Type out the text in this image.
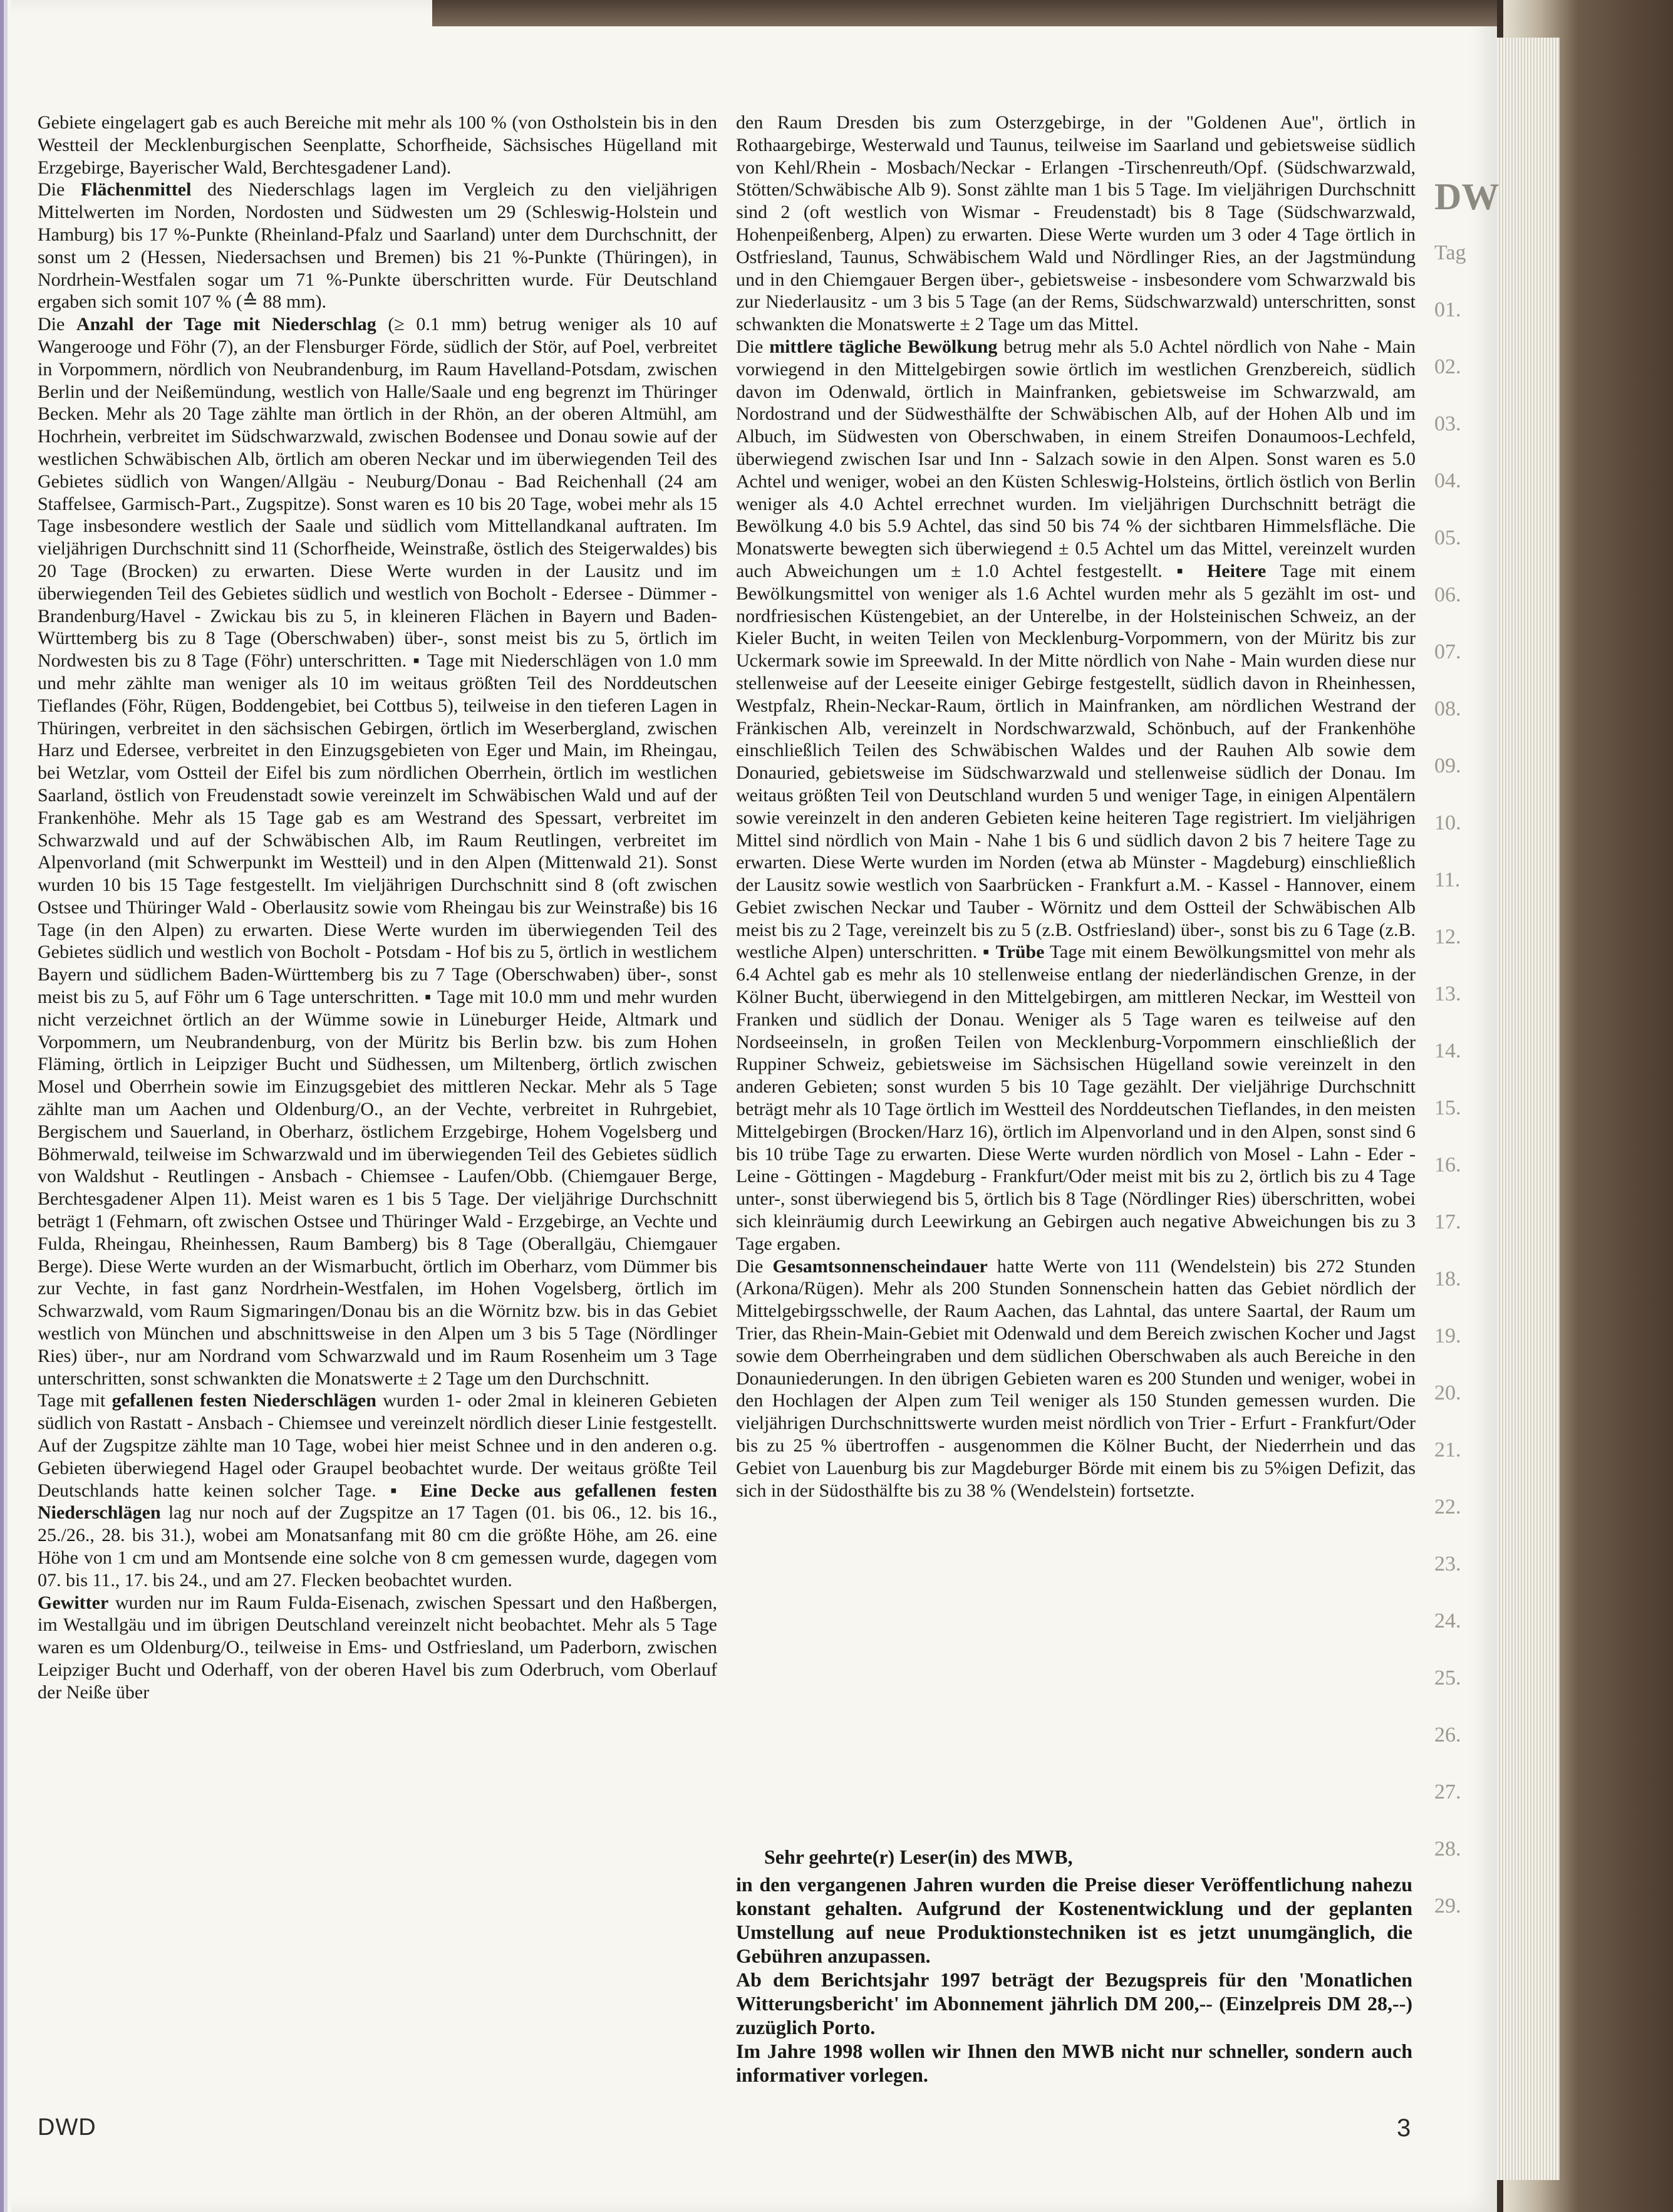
Gebiete eingelagert gab es auch Bereiche mit mehr als 100 % (von Ostholstein bis in den Westteil der Mecklenburgischen Seenplatte, Schorfheide, Sächsisches Hügelland mit Erzgebirge, Bayerischer Wald, Berchtesgadener Land).

Die Flächenmittel des Niederschlags lagen im Vergleich zu den vieljährigen Mittelwerten im Norden, Nordosten und Südwesten um 29 (Schleswig-Holstein und Hamburg) bis 17 %-Punkte (Rheinland-Pfalz und Saarland) unter dem Durchschnitt, der sonst um 2 (Hessen, Niedersachsen und Bremen) bis 21 %-Punkte (Thüringen), in Nordrhein-Westfalen sogar um 71 %-Punkte überschritten wurde. Für Deutschland ergaben sich somit 107 % (≙ 88 mm).

Die Anzahl der Tage mit Niederschlag (≥ 0.1 mm) betrug weniger als 10 auf Wangerooge und Föhr (7), an der Flensburger Förde, südlich der Stör, auf Poel, verbreitet in Vorpommern, nördlich von Neubrandenburg, im Raum Havelland-Potsdam, zwischen Berlin und der Neißemündung, westlich von Halle/Saale und eng begrenzt im Thüringer Becken. Mehr als 20 Tage zählte man örtlich in der Rhön, an der oberen Altmühl, am Hochrhein, verbreitet im Südschwarzwald, zwischen Bodensee und Donau sowie auf der westlichen Schwäbischen Alb, örtlich am oberen Neckar und im überwiegenden Teil des Gebietes südlich von Wangen/Allgäu - Neuburg/Donau - Bad Reichenhall (24 am Staffelsee, Garmisch-Part., Zugspitze). Sonst waren es 10 bis 20 Tage, wobei mehr als 15 Tage insbesondere westlich der Saale und südlich vom Mittellandkanal auftraten. Im vieljährigen Durchschnitt sind 11 (Schorfheide, Weinstraße, östlich des Steigerwaldes) bis 20 Tage (Brocken) zu erwarten. Diese Werte wurden in der Lausitz und im überwiegenden Teil des Gebietes südlich und westlich von Bocholt - Edersee - Dümmer - Brandenburg/Havel - Zwickau bis zu 5, in kleineren Flächen in Bayern und Baden-Württemberg bis zu 8 Tage (Oberschwaben) über-, sonst meist bis zu 5, örtlich im Nordwesten bis zu 8 Tage (Föhr) unterschritten. ▪ Tage mit Niederschlägen von 1.0 mm und mehr zählte man weniger als 10 im weitaus größten Teil des Norddeutschen Tieflandes (Föhr, Rügen, Boddengebiet, bei Cottbus 5), teilweise in den tieferen Lagen in Thüringen, verbreitet in den sächsischen Gebirgen, örtlich im Weserbergland, zwischen Harz und Edersee, verbreitet in den Einzugsgebieten von Eger und Main, im Rheingau, bei Wetzlar, vom Ostteil der Eifel bis zum nördlichen Oberrhein, örtlich im westlichen Saarland, östlich von Freudenstadt sowie vereinzelt im Schwäbischen Wald und auf der Frankenhöhe. Mehr als 15 Tage gab es am Westrand des Spessart, verbreitet im Schwarzwald und auf der Schwäbischen Alb, im Raum Reutlingen, verbreitet im Alpenvorland (mit Schwerpunkt im Westteil) und in den Alpen (Mittenwald 21). Sonst wurden 10 bis 15 Tage festgestellt. Im vieljährigen Durchschnitt sind 8 (oft zwischen Ostsee und Thüringer Wald - Oberlausitz sowie vom Rheingau bis zur Weinstraße) bis 16 Tage (in den Alpen) zu erwarten. Diese Werte wurden im überwiegenden Teil des Gebietes südlich und westlich von Bocholt - Potsdam - Hof bis zu 5, örtlich in westlichem Bayern und südlichem Baden-Württemberg bis zu 7 Tage (Oberschwaben) über-, sonst meist bis zu 5, auf Föhr um 6 Tage unterschritten. ▪ Tage mit 10.0 mm und mehr wurden nicht verzeichnet örtlich an der Wümme sowie in Lüneburger Heide, Altmark und Vorpommern, um Neubrandenburg, von der Müritz bis Berlin bzw. bis zum Hohen Fläming, örtlich in Leipziger Bucht und Südhessen, um Miltenberg, örtlich zwischen Mosel und Oberrhein sowie im Einzugsgebiet des mittleren Neckar. Mehr als 5 Tage zählte man um Aachen und Oldenburg/O., an der Vechte, verbreitet in Ruhrgebiet, Bergischem und Sauerland, in Oberharz, östlichem Erzgebirge, Hohem Vogelsberg und Böhmerwald, teilweise im Schwarzwald und im überwiegenden Teil des Gebietes südlich von Waldshut - Reutlingen - Ansbach - Chiemsee - Laufen/Obb. (Chiemgauer Berge, Berchtesgadener Alpen 11). Meist waren es 1 bis 5 Tage. Der vieljährige Durchschnitt beträgt 1 (Fehmarn, oft zwischen Ostsee und Thüringer Wald - Erzgebirge, an Vechte und Fulda, Rheingau, Rheinhessen, Raum Bamberg) bis 8 Tage (Oberallgäu, Chiemgauer Berge). Diese Werte wurden an der Wismarbucht, örtlich im Oberharz, vom Dümmer bis zur Vechte, in fast ganz Nordrhein-Westfalen, im Hohen Vogelsberg, örtlich im Schwarzwald, vom Raum Sigmaringen/Donau bis an die Wörnitz bzw. bis in das Gebiet westlich von München und abschnittsweise in den Alpen um 3 bis 5 Tage (Nördlinger Ries) über-, nur am Nordrand vom Schwarzwald und im Raum Rosenheim um 3 Tage unterschritten, sonst schwankten die Monatswerte ± 2 Tage um den Durchschnitt.

Tage mit gefallenen festen Niederschlägen wurden 1- oder 2mal in kleineren Gebieten südlich von Rastatt - Ansbach - Chiemsee und vereinzelt nördlich dieser Linie festgestellt. Auf der Zugspitze zählte man 10 Tage, wobei hier meist Schnee und in den anderen o.g. Gebieten überwiegend Hagel oder Graupel beobachtet wurde. Der weitaus größte Teil Deutschlands hatte keinen solcher Tage. ▪ Eine Decke aus gefallenen festen Niederschlägen lag nur noch auf der Zugspitze an 17 Tagen (01. bis 06., 12. bis 16., 25./26., 28. bis 31.), wobei am Monatsanfang mit 80 cm die größte Höhe, am 26. eine Höhe von 1 cm und am Montsende eine solche von 8 cm gemessen wurde, dagegen vom 07. bis 11., 17. bis 24., und am 27. Flecken beobachtet wurden.

Gewitter wurden nur im Raum Fulda-Eisenach, zwischen Spessart und den Haßbergen, im Westallgäu und im übrigen Deutschland vereinzelt nicht beobachtet. Mehr als 5 Tage waren es um Oldenburg/O., teilweise in Ems- und Ostfriesland, um Paderborn, zwischen Leipziger Bucht und Oderhaff, von der oberen Havel bis zum Oderbruch, vom Oberlauf der Neiße über

den Raum Dresden bis zum Osterzgebirge, in der "Goldenen Aue", örtlich in Rothaargebirge, Westerwald und Taunus, teilweise im Saarland und gebietsweise südlich von Kehl/Rhein - Mosbach/Neckar - Erlangen -Tirschenreuth/Opf. (Südschwarzwald, Stötten/Schwäbische Alb 9). Sonst zählte man 1 bis 5 Tage. Im vieljährigen Durchschnitt sind 2 (oft westlich von Wismar - Freudenstadt) bis 8 Tage (Südschwarzwald, Hohenpeißenberg, Alpen) zu erwarten. Diese Werte wurden um 3 oder 4 Tage örtlich in Ostfriesland, Taunus, Schwäbischem Wald und Nördlinger Ries, an der Jagstmündung und in den Chiemgauer Bergen über-, gebietsweise - insbesondere vom Schwarzwald bis zur Niederlausitz - um 3 bis 5 Tage (an der Rems, Südschwarzwald) unterschritten, sonst schwankten die Monatswerte ± 2 Tage um das Mittel.

Die mittlere tägliche Bewölkung betrug mehr als 5.0 Achtel nördlich von Nahe - Main vorwiegend in den Mittelgebirgen sowie örtlich im westlichen Grenzbereich, südlich davon im Odenwald, örtlich in Mainfranken, gebietsweise im Schwarzwald, am Nordostrand und der Südwesthälfte der Schwäbischen Alb, auf der Hohen Alb und im Albuch, im Südwesten von Oberschwaben, in einem Streifen Donaumoos-Lechfeld, überwiegend zwischen Isar und Inn - Salzach sowie in den Alpen. Sonst waren es 5.0 Achtel und weniger, wobei an den Küsten Schleswig-Holsteins, örtlich östlich von Berlin weniger als 4.0 Achtel errechnet wurden. Im vieljährigen Durchschnitt beträgt die Bewölkung 4.0 bis 5.9 Achtel, das sind 50 bis 74 % der sichtbaren Himmelsfläche. Die Monatswerte bewegten sich überwiegend ± 0.5 Achtel um das Mittel, vereinzelt wurden auch Abweichungen um ± 1.0 Achtel festgestellt. ▪ Heitere Tage mit einem Bewölkungsmittel von weniger als 1.6 Achtel wurden mehr als 5 gezählt im ost- und nordfriesischen Küstengebiet, an der Unterelbe, in der Holsteinischen Schweiz, an der Kieler Bucht, in weiten Teilen von Mecklenburg-Vorpommern, von der Müritz bis zur Uckermark sowie im Spreewald. In der Mitte nördlich von Nahe - Main wurden diese nur stellenweise auf der Leeseite einiger Gebirge festgestellt, südlich davon in Rheinhessen, Westpfalz, Rhein-Neckar-Raum, örtlich in Mainfranken, am nördlichen Westrand der Fränkischen Alb, vereinzelt in Nordschwarzwald, Schönbuch, auf der Frankenhöhe einschließlich Teilen des Schwäbischen Waldes und der Rauhen Alb sowie dem Donauried, gebietsweise im Südschwarzwald und stellenweise südlich der Donau. Im weitaus größten Teil von Deutschland wurden 5 und weniger Tage, in einigen Alpentälern sowie vereinzelt in den anderen Gebieten keine heiteren Tage registriert. Im vieljährigen Mittel sind nördlich von Main - Nahe 1 bis 6 und südlich davon 2 bis 7 heitere Tage zu erwarten. Diese Werte wurden im Norden (etwa ab Münster - Magdeburg) einschließlich der Lausitz sowie westlich von Saarbrücken - Frankfurt a.M. - Kassel - Hannover, einem Gebiet zwischen Neckar und Tauber - Wörnitz und dem Ostteil der Schwäbischen Alb meist bis zu 2 Tage, vereinzelt bis zu 5 (z.B. Ostfriesland) über-, sonst bis zu 6 Tage (z.B. westliche Alpen) unterschritten. ▪ Trübe Tage mit einem Bewölkungsmittel von mehr als 6.4 Achtel gab es mehr als 10 stellenweise entlang der niederländischen Grenze, in der Kölner Bucht, überwiegend in den Mittelgebirgen, am mittleren Neckar, im Westteil von Franken und südlich der Donau. Weniger als 5 Tage waren es teilweise auf den Nordseeinseln, in großen Teilen von Mecklenburg-Vorpommern einschließlich der Ruppiner Schweiz, gebietsweise im Sächsischen Hügelland sowie vereinzelt in den anderen Gebieten; sonst wurden 5 bis 10 Tage gezählt. Der vieljährige Durchschnitt beträgt mehr als 10 Tage örtlich im Westteil des Norddeutschen Tieflandes, in den meisten Mittelgebirgen (Brocken/Harz 16), örtlich im Alpenvorland und in den Alpen, sonst sind 6 bis 10 trübe Tage zu erwarten. Diese Werte wurden nördlich von Mosel - Lahn - Eder - Leine - Göttingen - Magdeburg - Frankfurt/Oder meist mit bis zu 2, örtlich bis zu 4 Tage unter-, sonst überwiegend bis 5, örtlich bis 8 Tage (Nördlinger Ries) überschritten, wobei sich kleinräumig durch Leewirkung an Gebirgen auch negative Abweichungen bis zu 3 Tage ergaben.

Die Gesamtsonnenscheindauer hatte Werte von 111 (Wendelstein) bis 272 Stunden (Arkona/Rügen). Mehr als 200 Stunden Sonnenschein hatten das Gebiet nördlich der Mittelgebirgsschwelle, der Raum Aachen, das Lahntal, das untere Saartal, der Raum um Trier, das Rhein-Main-Gebiet mit Odenwald und dem Bereich zwischen Kocher und Jagst sowie dem Oberrheingraben und dem südlichen Oberschwaben als auch Bereiche in den Donauniederungen. In den übrigen Gebieten waren es 200 Stunden und weniger, wobei in den Hochlagen der Alpen zum Teil weniger als 150 Stunden gemessen wurden. Die vieljährigen Durchschnittswerte wurden meist nördlich von Trier - Erfurt - Frankfurt/Oder bis zu 25 % übertroffen - ausgenommen die Kölner Bucht, der Niederrhein und das Gebiet von Lauenburg bis zur Magdeburger Börde mit einem bis zu 5%igen Defizit, das sich in der Südosthälfte bis zu 38 % (Wendelstein) fortsetzte.

Sehr geehrte(r) Leser(in) des MWB,

in den vergangenen Jahren wurden die Preise dieser Veröffentlichung nahezu konstant gehalten. Aufgrund der Kostenentwicklung und der geplanten Umstellung auf neue Produktionstechniken ist es jetzt unumgänglich, die Gebühren anzupassen.

Ab dem Berichtsjahr 1997 beträgt der Bezugspreis für den 'Monatlichen Witterungsbericht' im Abonnement jährlich DM 200,-- (Einzelpreis DM 28,--) zuzüglich Porto.

Im Jahre 1998 wollen wir Ihnen den MWB nicht nur schneller, sondern auch informativer vorlegen.

DWD	3
DW
Tag
01.
02.
03.
04.
05.
06.
07.
08.
09.
10.
11.
12.
13.
14.
15.
16.
17.
18.
19.
20.
21.
22.
23.
24.
25.
26.
27.
28.
29.
